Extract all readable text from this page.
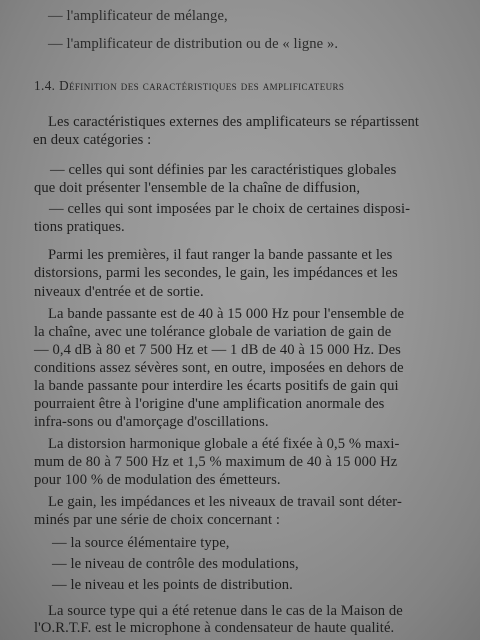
— l'amplificateur de mélange,
— l'amplificateur de distribution ou de « ligne ».
1.4. Définition des caractéristiques des amplificateurs
Les caractéristiques externes des amplificateurs se répartissent
en deux catégories :
— celles qui sont définies par les caractéristiques globales
que doit présenter l'ensemble de la chaîne de diffusion,
— celles qui sont imposées par le choix de certaines disposi-
tions pratiques.
Parmi les premières, il faut ranger la bande passante et les
distorsions, parmi les secondes, le gain, les impédances et les
niveaux d'entrée et de sortie.
La bande passante est de 40 à 15 000 Hz pour l'ensemble de
la chaîne, avec une tolérance globale de variation de gain de
— 0,4 dB à 80 et 7 500 Hz et — 1 dB de 40 à 15 000 Hz. Des
conditions assez sévères sont, en outre, imposées en dehors de
la bande passante pour interdire les écarts positifs de gain qui
pourraient être à l'origine d'une amplification anormale des
infra-sons ou d'amorçage d'oscillations.
La distorsion harmonique globale a été fixée à 0,5 % maxi-
mum de 80 à 7 500 Hz et 1,5 % maximum de 40 à 15 000 Hz
pour 100 % de modulation des émetteurs.
Le gain, les impédances et les niveaux de travail sont déter-
minés par une série de choix concernant :
— la source élémentaire type,
— le niveau de contrôle des modulations,
— le niveau et les points de distribution.
La source type qui a été retenue dans le cas de la Maison de
l'O.R.T.F. est le microphone à condensateur de haute qualité.
